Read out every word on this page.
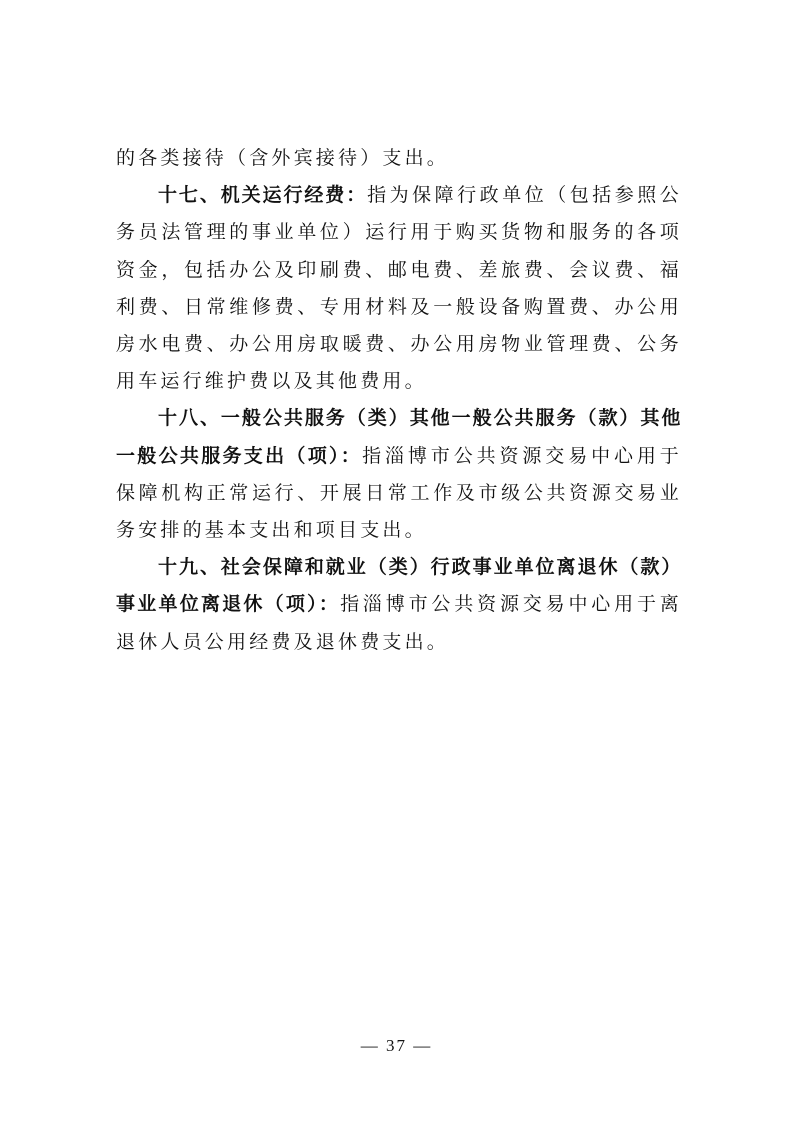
的各类接待（含外宾接待）支出。

十七、机关运行经费：指为保障行政单位（包括参照公务员法管理的事业单位）运行用于购买货物和服务的各项资金，包括办公及印刷费、邮电费、差旅费、会议费、福利费、日常维修费、专用材料及一般设备购置费、办公用房水电费、办公用房取暖费、办公用房物业管理费、公务用车运行维护费以及其他费用。

十八、一般公共服务（类）其他一般公共服务（款）其他一般公共服务支出（项）：指淄博市公共资源交易中心用于保障机构正常运行、开展日常工作及市级公共资源交易业务安排的基本支出和项目支出。

十九、社会保障和就业（类）行政事业单位离退休（款）事业单位离退休（项）：指淄博市公共资源交易中心用于离退休人员公用经费及退休费支出。

— 37 —
